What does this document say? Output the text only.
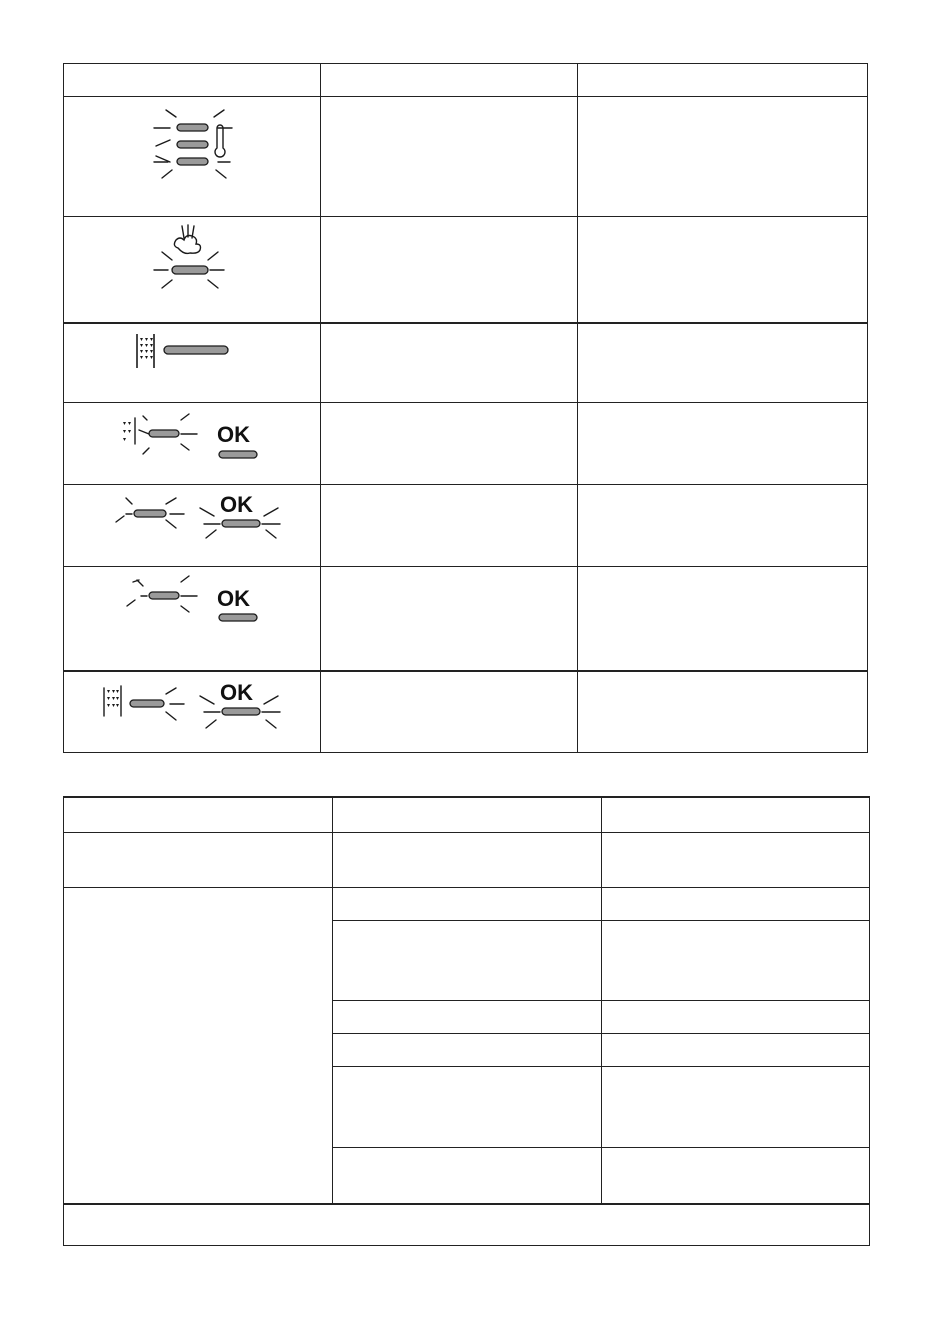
OK
OK
OK
OK
